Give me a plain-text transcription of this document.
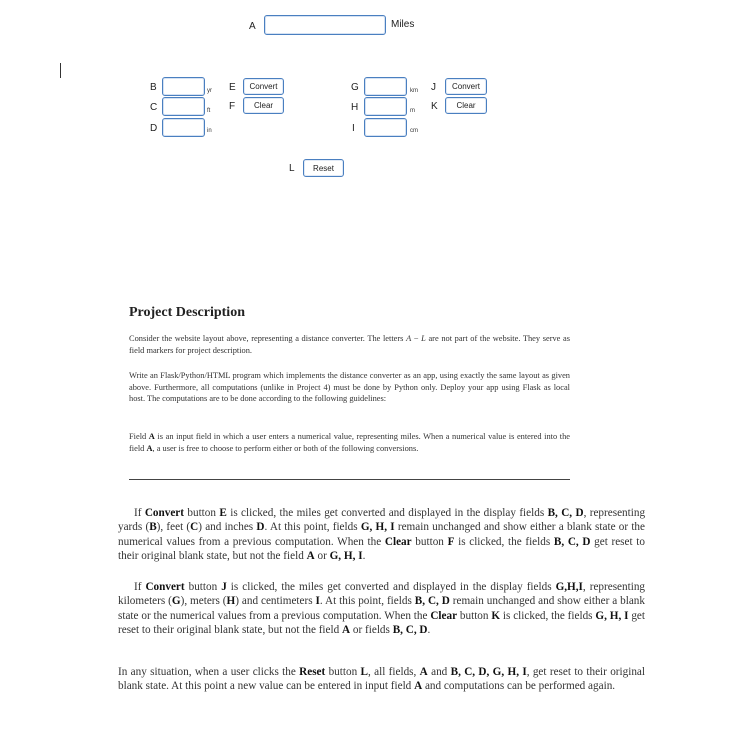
A	Miles
B	yr
C	ft
D	in
E	Convert
F	Clear
G	km
H	m
I	cm
J	Convert
K	Clear
L	Reset
Project Description
Consider the website layout above, representing a distance converter. The letters A − L are not part of the website. They serve as field markers for project description.
Write an Flask/Python/HTML program which implements the distance converter as an app, using exactly the same layout as given above. Furthermore, all computations (unlike in Project 4) must be done by Python only. Deploy your app using Flask as local host. The computations are to be done according to the following guidelines:
Field A is an input field in which a user enters a numerical value, representing miles. When a numerical value is entered into the field A, a user is free to choose to perform either or both of the following conversions.
If Convert button E is clicked, the miles get converted and displayed in the display fields B, C, D, representing yards (B), feet (C) and inches D. At this point, fields G, H, I remain unchanged and show either a blank state or the numerical values from a previous computation. When the Clear button F is clicked, the fields B, C, D get reset to their original blank state, but not the field A or G, H, I.
If Convert button J is clicked, the miles get converted and displayed in the display fields G,H,I, representing kilometers (G), meters (H) and centimeters I. At this point, fields B, C, D remain unchanged and show either a blank state or the numerical values from a previous computation. When the Clear button K is clicked, the fields G, H, I get reset to their original blank state, but not the field A or fields B, C, D.
In any situation, when a user clicks the Reset button L, all fields, A and B, C, D, G, H, I, get reset to their original blank state. At this point a new value can be entered in input field A and computations can be performed again.
